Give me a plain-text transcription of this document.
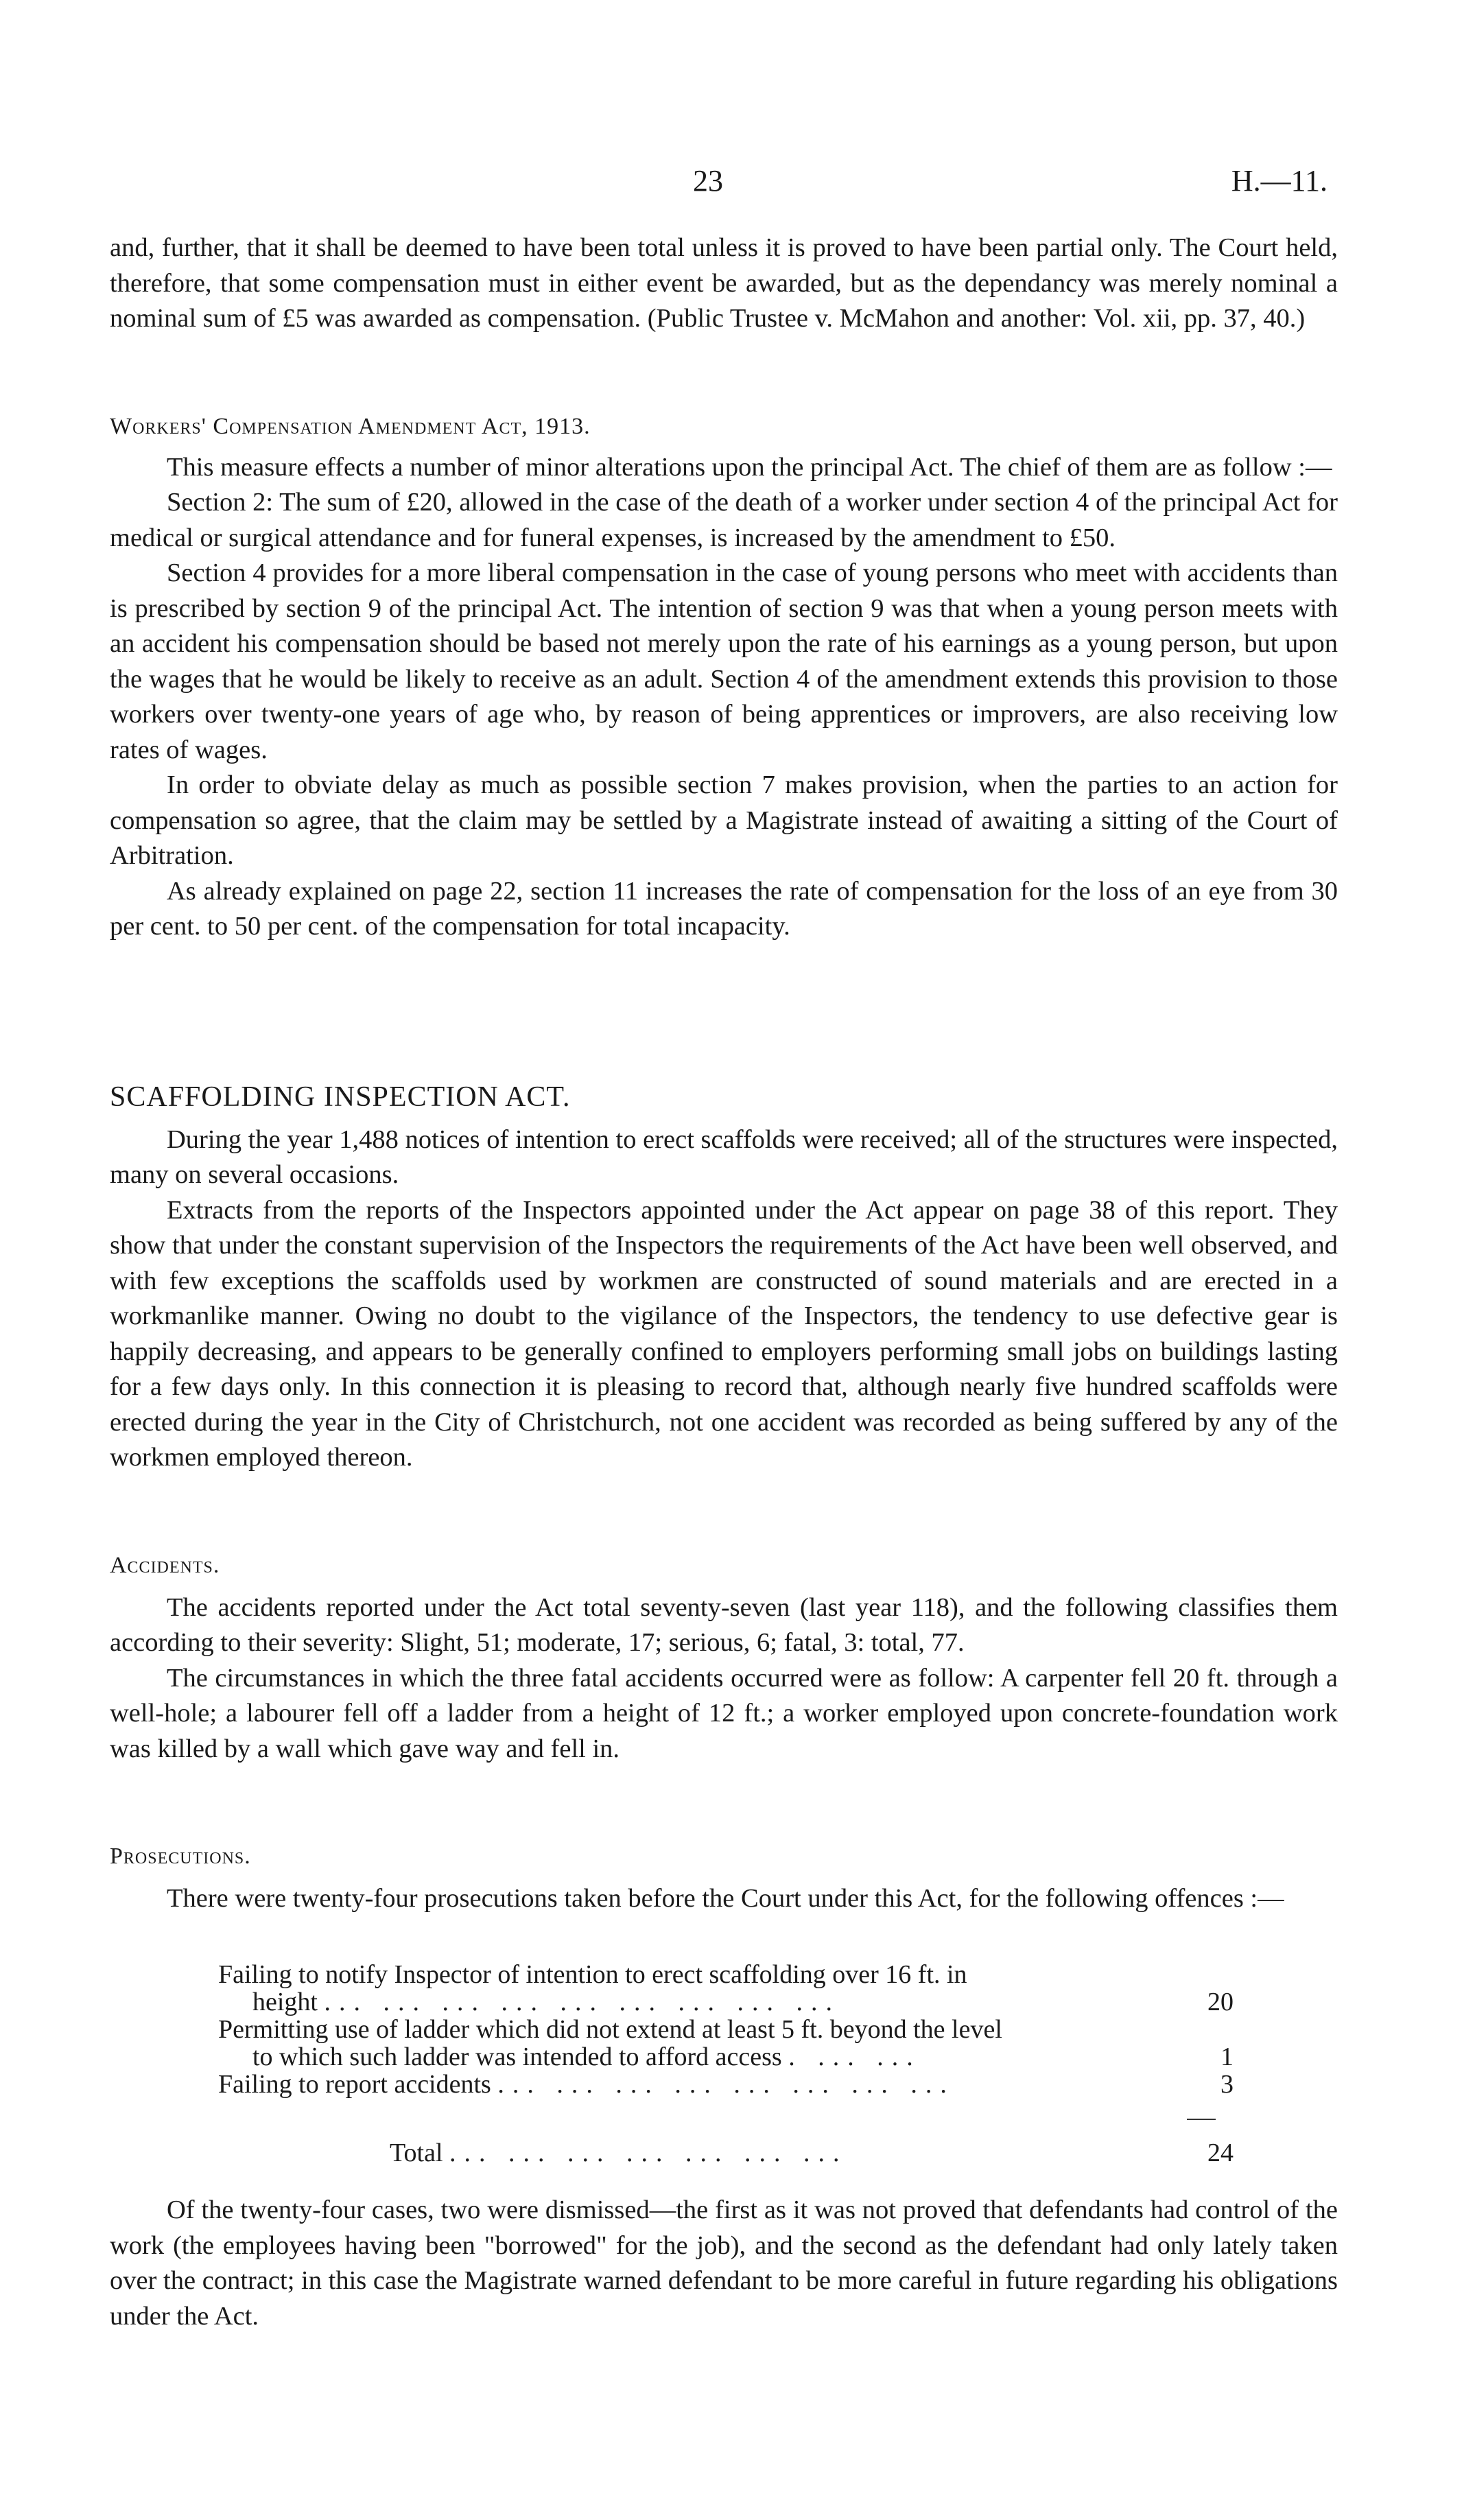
23	H.—11.

and, further, that it shall be deemed to have been total unless it is proved to have been partial only. The Court held, therefore, that some compensation must in either event be awarded, but as the dependancy was merely nominal a nominal sum of £5 was awarded as compensation. (Public Trustee v. McMahon and another: Vol. xii, pp. 37, 40.)

Workers' Compensation Amendment Act, 1913.

This measure effects a number of minor alterations upon the principal Act. The chief of them are as follow :—

Section 2: The sum of £20, allowed in the case of the death of a worker under section 4 of the principal Act for medical or surgical attendance and for funeral expenses, is increased by the amendment to £50.

Section 4 provides for a more liberal compensation in the case of young persons who meet with accidents than is prescribed by section 9 of the principal Act. The intention of section 9 was that when a young person meets with an accident his compensation should be based not merely upon the rate of his earnings as a young person, but upon the wages that he would be likely to receive as an adult. Section 4 of the amendment extends this provision to those workers over twenty-one years of age who, by reason of being apprentices or improvers, are also receiving low rates of wages.

In order to obviate delay as much as possible section 7 makes provision, when the parties to an action for compensation so agree, that the claim may be settled by a Magistrate instead of awaiting a sitting of the Court of Arbitration.

As already explained on page 22, section 11 increases the rate of compensation for the loss of an eye from 30 per cent. to 50 per cent. of the compensation for total incapacity.

SCAFFOLDING INSPECTION ACT.

During the year 1,488 notices of intention to erect scaffolds were received; all of the structures were inspected, many on several occasions.

Extracts from the reports of the Inspectors appointed under the Act appear on page 38 of this report. They show that under the constant supervision of the Inspectors the requirements of the Act have been well observed, and with few exceptions the scaffolds used by workmen are constructed of sound materials and are erected in a workmanlike manner. Owing no doubt to the vigilance of the Inspectors, the tendency to use defective gear is happily decreasing, and appears to be generally confined to employers performing small jobs on buildings lasting for a few days only. In this connection it is pleasing to record that, although nearly five hundred scaffolds were erected during the year in the City of Christchurch, not one accident was recorded as being suffered by any of the workmen employed thereon.

Accidents.

The accidents reported under the Act total seventy-seven (last year 118), and the following classifies them according to their severity: Slight, 51; moderate, 17; serious, 6; fatal, 3: total, 77.

The circumstances in which the three fatal accidents occurred were as follow: A carpenter fell 20 ft. through a well-hole; a labourer fell off a ladder from a height of 12 ft.; a worker employed upon concrete-foundation work was killed by a wall which gave way and fell in.

Prosecutions.

There were twenty-four prosecutions taken before the Court under this Act, for the following offences :—

Failing to notify Inspector of intention to erect scaffolding over 16 ft. in
height ... ... ... ... ... ... ... ... ...	20
Permitting use of ladder which did not extend at least 5 ft. beyond the level
to which such ladder was intended to afford access . ... ...	1
Failing to report accidents ... ... ... ... ... ... ... ...	3
Total ... ... ... ... ... ... ...	24

Of the twenty-four cases, two were dismissed—the first as it was not proved that defendants had control of the work (the employees having been "borrowed" for the job), and the second as the defendant had only lately taken over the contract; in this case the Magistrate warned defendant to be more careful in future regarding his obligations under the Act.
